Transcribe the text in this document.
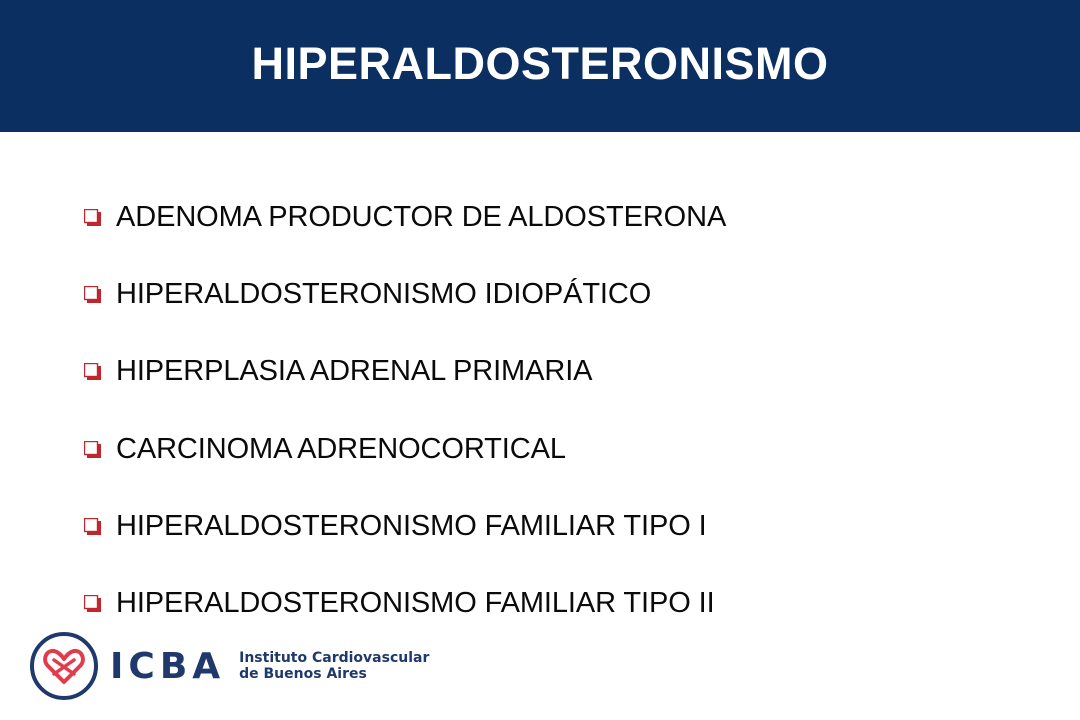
HIPERALDOSTERONISMO
ADENOMA PRODUCTOR DE ALDOSTERONA
HIPERALDOSTERONISMO IDIOPÁTICO
HIPERPLASIA ADRENAL PRIMARIA
CARCINOMA ADRENOCORTICAL
HIPERALDOSTERONISMO FAMILIAR TIPO I
HIPERALDOSTERONISMO FAMILIAR TIPO II
ICBA Instituto Cardiovascular
de Buenos Aires
